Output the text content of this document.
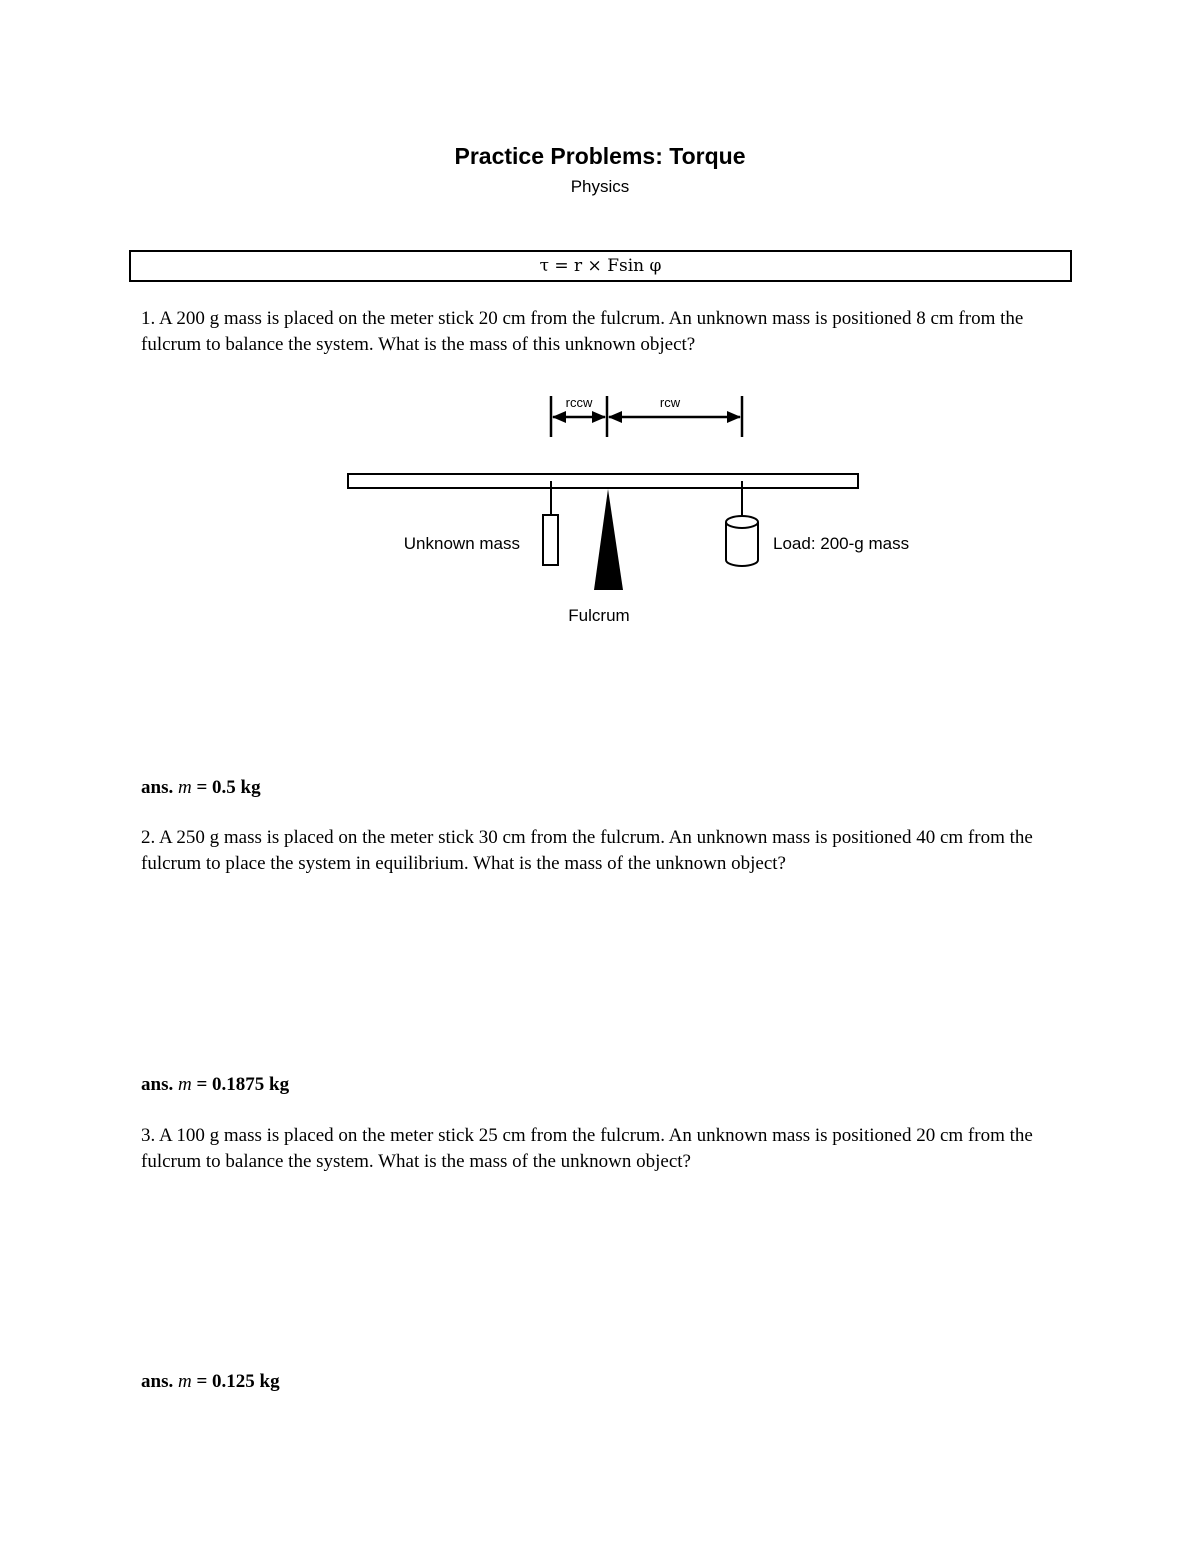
Practice Problems: Torque
Physics
τ = r × Fsin φ
1. A 200 g mass is placed on the meter stick 20 cm from the fulcrum. An unknown mass is positioned 8 cm from the fulcrum to balance the system. What is the mass of this unknown object?
rccw	rcw
Unknown mass	Load: 200-g mass
Fulcrum
ans. m = 0.5 kg
2. A 250 g mass is placed on the meter stick 30 cm from the fulcrum. An unknown mass is positioned 40 cm from the fulcrum to place the system in equilibrium. What is the mass of the unknown object?
ans. m = 0.1875 kg
3. A 100 g mass is placed on the meter stick 25 cm from the fulcrum. An unknown mass is positioned 20 cm from the fulcrum to balance the system. What is the mass of the unknown object?
ans. m = 0.125 kg
